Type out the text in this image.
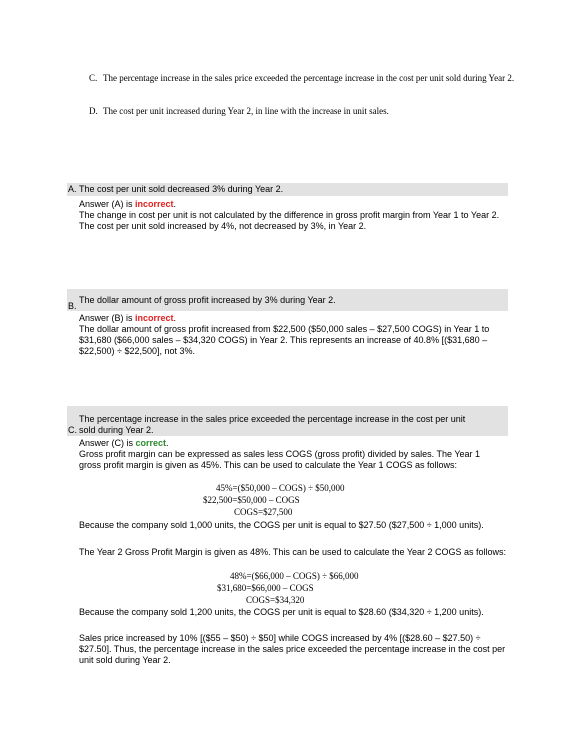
C. The percentage increase in the sales price exceeded the percentage increase in the cost per unit sold during Year 2.
D. The cost per unit increased during Year 2, in line with the increase in unit sales.
A. The cost per unit sold decreased 3% during Year 2.
Answer (A) is incorrect.

The change in cost per unit is not calculated by the difference in gross profit margin from Year 1 to Year 2. The cost per unit sold increased by 4%, not decreased by 3%, in Year 2.

B.
The dollar amount of gross profit increased by 3% during Year 2.
Answer (B) is incorrect.

The dollar amount of gross profit increased from $22,500 ($50,000 sales – $27,500 COGS) in Year 1 to $31,680 ($66,000 sales – $34,320 COGS) in Year 2. This represents an increase of 40.8% [($31,680 – $22,500) ÷ $22,500], not 3%.

The percentage increase in the sales price exceeded the percentage increase in the cost per unit
C. sold during Year 2.
Answer (C) is correct.

Gross profit margin can be expressed as sales less COGS (gross profit) divided by sales. The Year 1 gross profit margin is given as 45%. This can be used to calculate the Year 1 COGS as follows:

45%=($50,000 – COGS) ÷ $50,000
$22,500=$50,000 – COGS
COGS=$27,500

Because the company sold 1,000 units, the COGS per unit is equal to $27.50 ($27,500 ÷ 1,000 units).

The Year 2 Gross Profit Margin is given as 48%. This can be used to calculate the Year 2 COGS as follows:

48%=($66,000 – COGS) ÷ $66,000
$31,680=$66,000 – COGS
COGS=$34,320

Because the company sold 1,200 units, the COGS per unit is equal to $28.60 ($34,320 ÷ 1,200 units).

Sales price increased by 10% [($55 – $50) ÷ $50] while COGS increased by 4% [($28.60 – $27.50) ÷ $27.50]. Thus, the percentage increase in the sales price exceeded the percentage increase in the cost per unit sold during Year 2.
